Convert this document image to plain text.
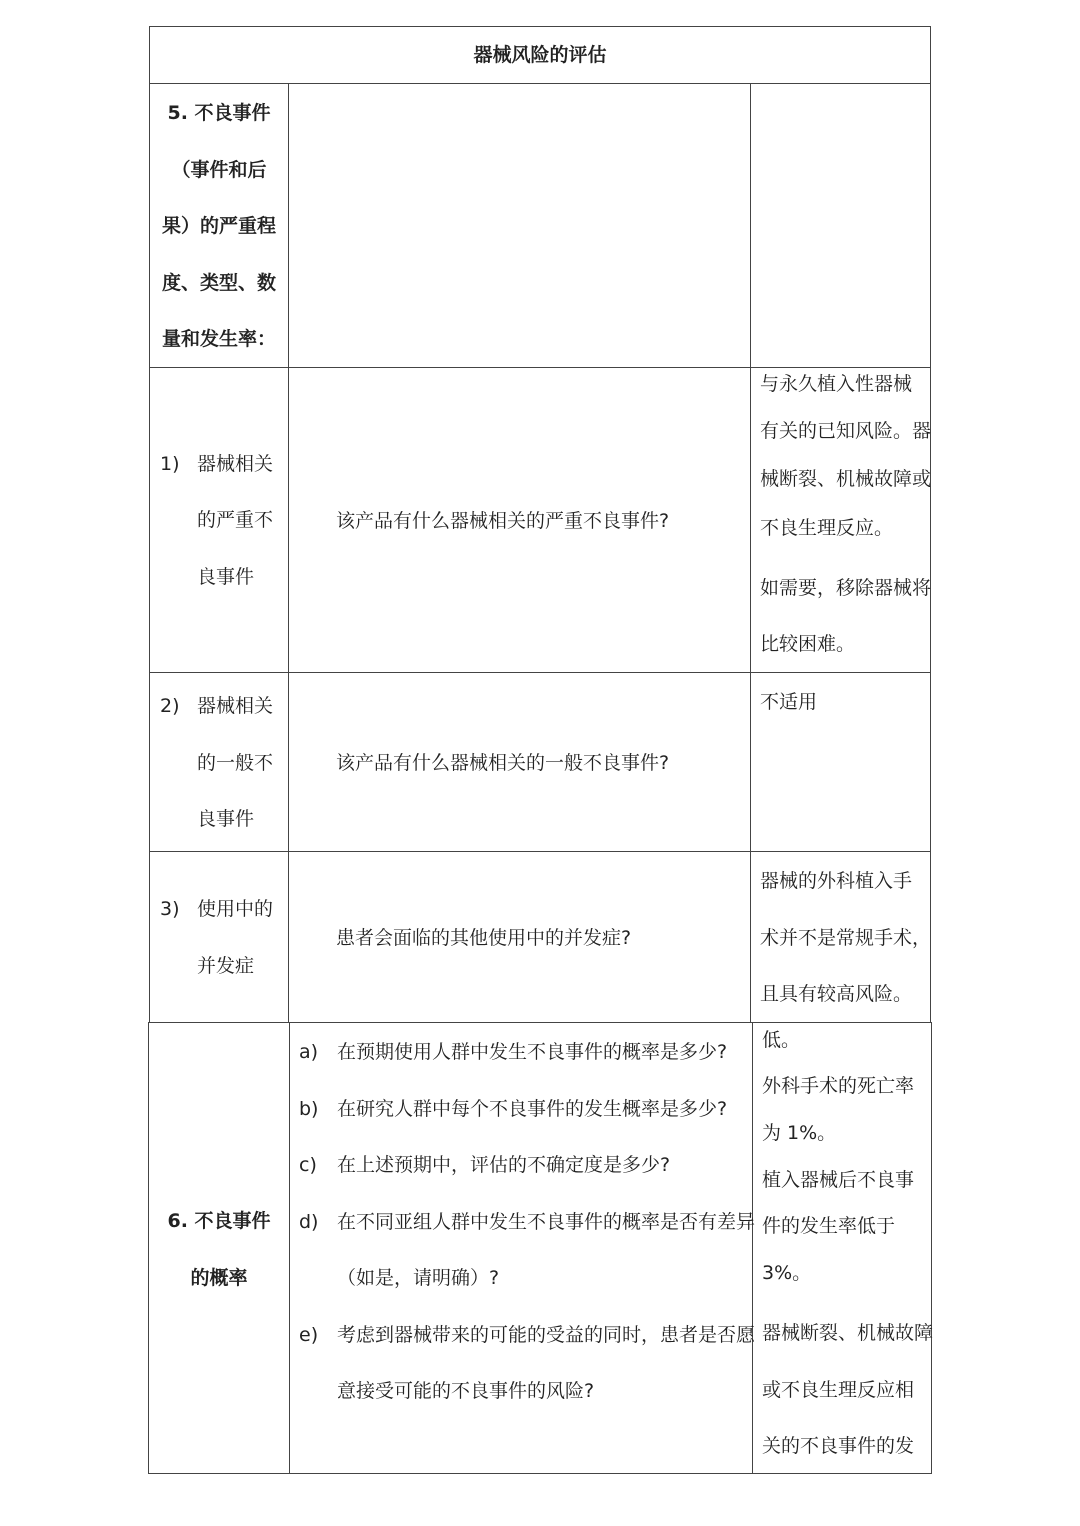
器械风险的评估
5. 不良事件
（事件和后
果）的严重程
度、类型、数
量和发生率：
1) 器械相关
的严重不
良事件
该产品有什么器械相关的严重不良事件?
与永久植入性器械
有关的已知风险。器
械断裂、机械故障或
不良生理反应。
如需要，移除器械将
比较困难。
2) 器械相关
的一般不
良事件
该产品有什么器械相关的一般不良事件?
不适用
3) 使用中的
并发症
患者会面临的其他使用中的并发症?
器械的外科植入手
术并不是常规手术，
且具有较高风险。
6. 不良事件
的概率
a) 在预期使用人群中发生不良事件的概率是多少?
b) 在研究人群中每个不良事件的发生概率是多少?
c) 在上述预期中，评估的不确定度是多少?
d) 在不同亚组人群中发生不良事件的概率是否有差异
（如是，请明确）?
e) 考虑到器械带来的可能的受益的同时，患者是否愿
意接受可能的不良事件的风险?
低。
外科手术的死亡率
为 1%。
植入器械后不良事
件的发生率低于
3%。
器械断裂、机械故障
或不良生理反应相
关的不良事件的发
